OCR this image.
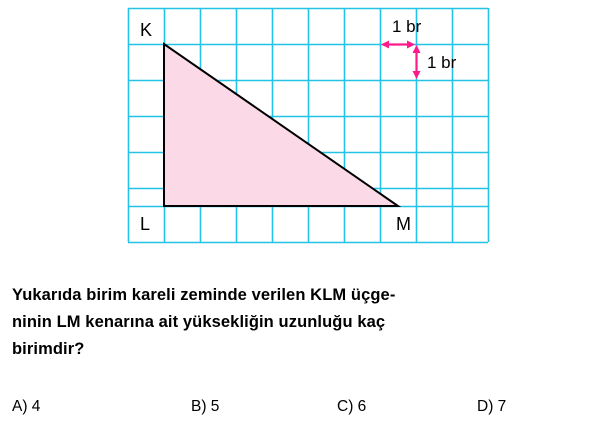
K
L	M
1 br
1 br
Yukarıda birim kareli zeminde verilen KLM üçge-
ninin LM kenarına ait yüksekliğin uzunluğu kaç
birimdir?
A) 4	B) 5	C) 6	D) 7
